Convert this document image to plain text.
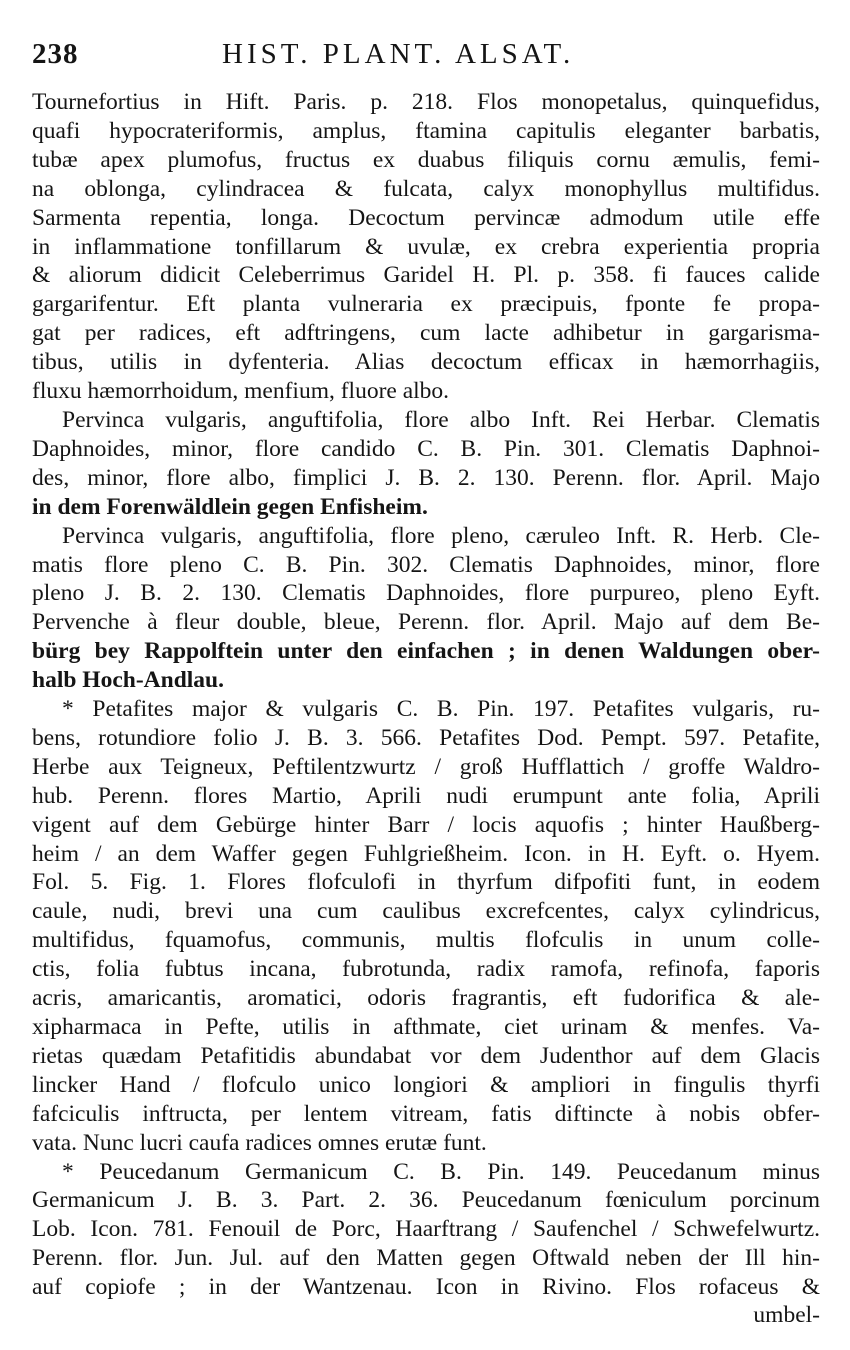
238	HIST. PLANT. ALSAT.
Tournefortius in Hift. Paris. p. 218. Flos monopetalus, quinquefidus,
quafi hypocrateriformis, amplus, ftamina capitulis eleganter barbatis,
tubæ apex plumofus, fructus ex duabus filiquis cornu æmulis, femi-
na oblonga, cylindracea & fulcata, calyx monophyllus multifidus.
Sarmenta repentia, longa. Decoctum pervincæ admodum utile effe
in inflammatione tonfillarum & uvulæ, ex crebra experientia propria
& aliorum didicit Celeberrimus Garidel H. Pl. p. 358. fi fauces calide
gargarifentur. Eft planta vulneraria ex præcipuis, fponte fe propa-
gat per radices, eft adftringens, cum lacte adhibetur in gargarisma-
tibus, utilis in dyfenteria. Alias decoctum efficax in hæmorrhagiis,
fluxu hæmorrhoidum, menfium, fluore albo.
Pervinca vulgaris, anguftifolia, flore albo Inft. Rei Herbar. Clematis
Daphnoides, minor, flore candido C. B. Pin. 301. Clematis Daphnoi-
des, minor, flore albo, fimplici J. B. 2. 130. Perenn. flor. April. Majo
in dem Forenwäldlein gegen Enfisheim.
Pervinca vulgaris, anguftifolia, flore pleno, cæruleo Inft. R. Herb. Cle-
matis flore pleno C. B. Pin. 302. Clematis Daphnoides, minor, flore
pleno J. B. 2. 130. Clematis Daphnoides, flore purpureo, pleno Eyft.
Pervenche à fleur double, bleue, Perenn. flor. April. Majo auf dem Be-
bürg bey Rappolftein unter den einfachen ; in denen Waldungen ober-
halb Hoch-Andlau.
* Petafites major & vulgaris C. B. Pin. 197. Petafites vulgaris, ru-
bens, rotundiore folio J. B. 3. 566. Petafites Dod. Pempt. 597. Petafite,
Herbe aux Teigneux, Peftilentzwurtz / groß Hufflattich / groffe Waldro-
hub. Perenn. flores Martio, Aprili nudi erumpunt ante folia, Aprili
vigent auf dem Gebürge hinter Barr / locis aquofis ; hinter Haußberg-
heim / an dem Waffer gegen Fuhlgrießheim. Icon. in H. Eyft. o. Hyem.
Fol. 5. Fig. 1. Flores flofculofi in thyrfum difpofiti funt, in eodem
caule, nudi, brevi una cum caulibus excrefcentes, calyx cylindricus,
multifidus, fquamofus, communis, multis flofculis in unum colle-
ctis, folia fubtus incana, fubrotunda, radix ramofa, refinofa, faporis
acris, amaricantis, aromatici, odoris fragrantis, eft fudorifica & ale-
xipharmaca in Pefte, utilis in afthmate, ciet urinam & menfes. Va-
rietas quædam Petafitidis abundabat vor dem Judenthor auf dem Glacis
lincker Hand / flofculo unico longiori & ampliori in fingulis thyrfi
fafciculis inftructa, per lentem vitream, fatis diftincte à nobis obfer-
vata. Nunc lucri caufa radices omnes erutæ funt.
* Peucedanum Germanicum C. B. Pin. 149. Peucedanum minus
Germanicum J. B. 3. Part. 2. 36. Peucedanum fœniculum porcinum
Lob. Icon. 781. Fenouil de Porc, Haarftrang / Saufenchel / Schwefelwurtz.
Perenn. flor. Jun. Jul. auf den Matten gegen Oftwald neben der Ill hin-
auf copiofe ; in der Wantzenau. Icon in Rivino. Flos rofaceus &
umbel-
